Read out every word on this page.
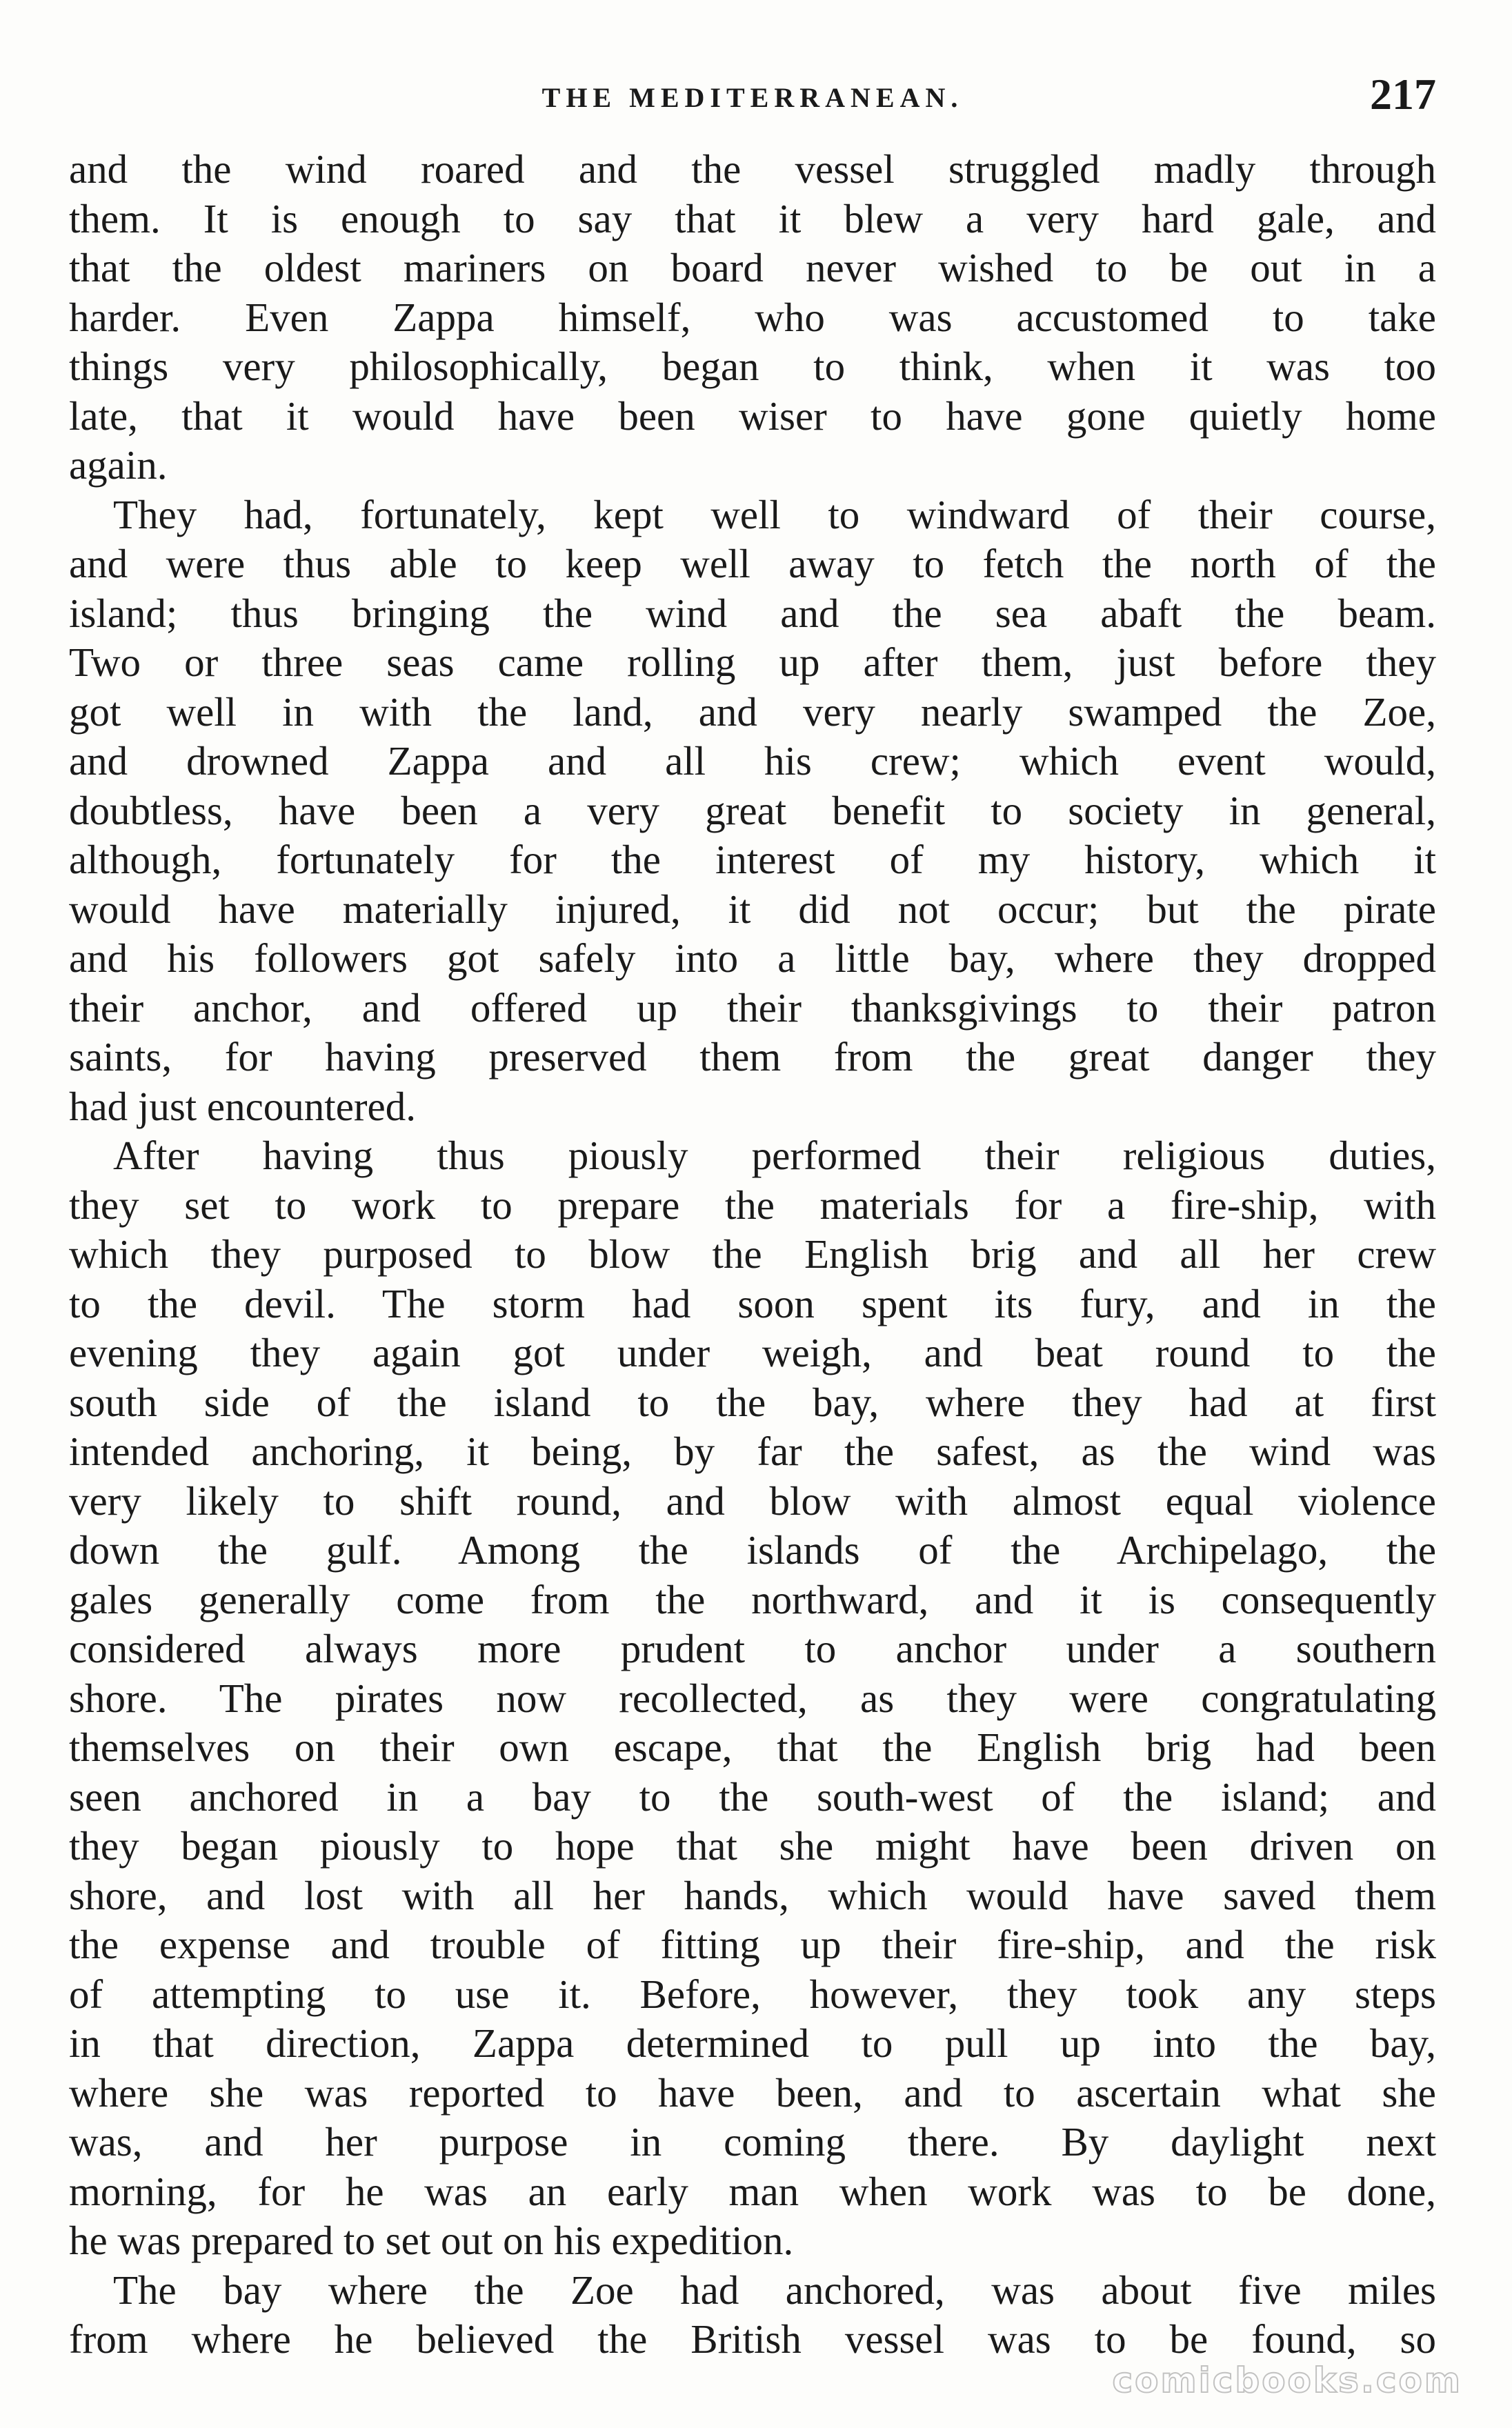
THE MEDITERRANEAN.	217

and the wind roared and the vessel struggled madly through
them. It is enough to say that it blew a very hard gale, and
that the oldest mariners on board never wished to be out in a
harder. Even Zappa himself, who was accustomed to take
things very philosophically, began to think, when it was too
late, that it would have been wiser to have gone quietly home
again.

They had, fortunately, kept well to windward of their course,
and were thus able to keep well away to fetch the north of the
island; thus bringing the wind and the sea abaft the beam.
Two or three seas came rolling up after them, just before they
got well in with the land, and very nearly swamped the Zoe,
and drowned Zappa and all his crew; which event would,
doubtless, have been a very great benefit to society in general,
although, fortunately for the interest of my history, which it
would have materially injured, it did not occur; but the pirate
and his followers got safely into a little bay, where they dropped
their anchor, and offered up their thanksgivings to their patron
saints, for having preserved them from the great danger they
had just encountered.

After having thus piously performed their religious duties,
they set to work to prepare the materials for a fire-ship, with
which they purposed to blow the English brig and all her crew
to the devil. The storm had soon spent its fury, and in the
evening they again got under weigh, and beat round to the
south side of the island to the bay, where they had at first
intended anchoring, it being, by far the safest, as the wind was
very likely to shift round, and blow with almost equal violence
down the gulf. Among the islands of the Archipelago, the
gales generally come from the northward, and it is consequently
considered always more prudent to anchor under a southern
shore. The pirates now recollected, as they were congratulating
themselves on their own escape, that the English brig had been
seen anchored in a bay to the south-west of the island; and
they began piously to hope that she might have been driven on
shore, and lost with all her hands, which would have saved them
the expense and trouble of fitting up their fire-ship, and the risk
of attempting to use it. Before, however, they took any steps
in that direction, Zappa determined to pull up into the bay,
where she was reported to have been, and to ascertain what she
was, and her purpose in coming there. By daylight next
morning, for he was an early man when work was to be done,
he was prepared to set out on his expedition.

The bay where the Zoe had anchored, was about five miles
from where he believed the British vessel was to be found, so

comicbooks.com
